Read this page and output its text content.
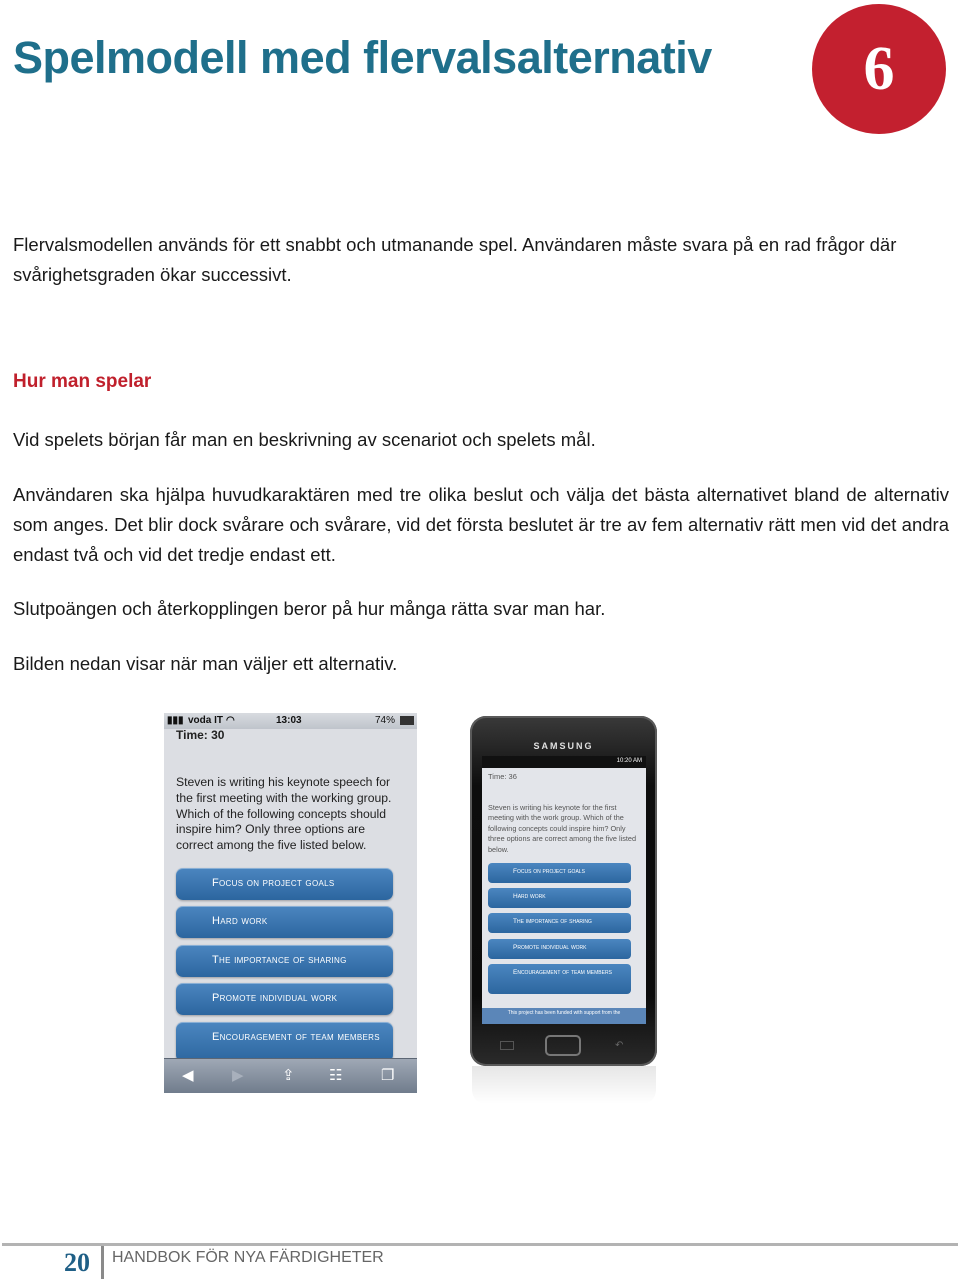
Spelmodell med flervalsalternativ	6

Flervalsmodellen används för ett snabbt och utmanande spel. Användaren måste svara på en rad frågor där svårighetsgraden ökar successivt.

Hur man spelar

Vid spelets början får man en beskrivning av scenariot och spelets mål.

Användaren ska hjälpa huvudkaraktären med tre olika beslut och välja det bästa alternativet bland de alternativ som anges. Det blir dock svårare och svårare, vid det första beslutet är tre av fem alternativ rätt men vid det andra endast två och vid det tredje endast ett.

Slutpoängen och återkopplingen beror på hur många rätta svar man har.

Bilden nedan visar när man väljer ett alternativ.

▮▮▮ voda IT ◠	13:03	74%
Time: 30
Steven is writing his keynote speech for the first meeting with the working group. Which of the following concepts should inspire him? Only three options are correct among the five listed below.
Focus on project goals
Hard work
The importance of sharing
Promote individual work
Encouragement of team members
◀	▶	⇪ ☷	❐
SAMSUNG
10:20 AM
Time: 36
Steven is writing his keynote for the first meeting with the work group. Which of the following concepts could inspire him? Only three options are correct among the five listed below.
Focus on project goals
Hard work
The importance of sharing
Promote individual work
Encouragement of team members
This project has been funded with support from the
↶
20 HANDBOK FÖR NYA FÄRDIGHETER
